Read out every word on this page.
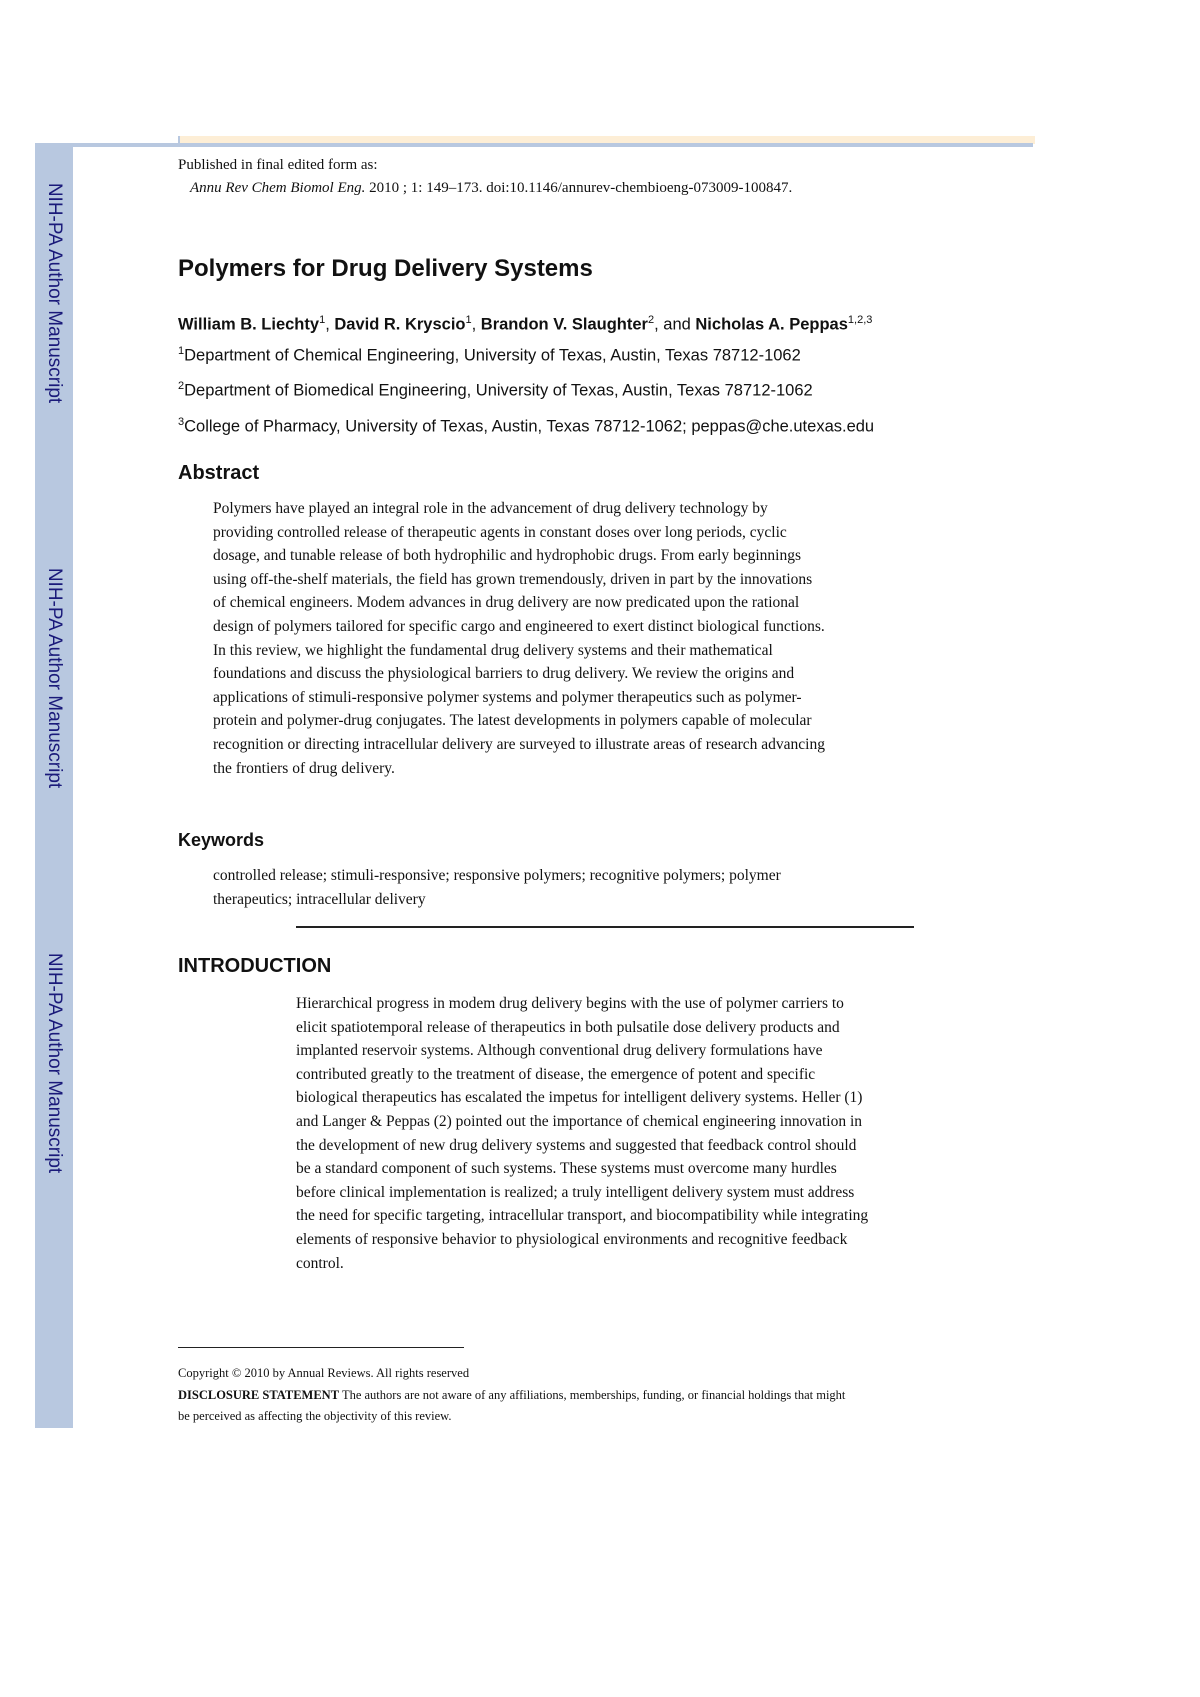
NIH-PA Author Manuscript
NIH-PA Author Manuscript
NIH-PA Author Manuscript
Published in final edited form as:
Annu Rev Chem Biomol Eng. 2010 ; 1: 149–173. doi:10.1146/annurev-chembioeng-073009-100847.
Polymers for Drug Delivery Systems
William B. Liechty$^1$, David R. Kryscio$^1$, Brandon V. Slaughter$^2$, and Nicholas A. Peppas$^{1,2,3}$
$^1$Department of Chemical Engineering, University of Texas, Austin, Texas 78712-1062
$^2$Department of Biomedical Engineering, University of Texas, Austin, Texas 78712-1062
$^3$College of Pharmacy, University of Texas, Austin, Texas 78712-1062; peppas@che.utexas.edu
Abstract
Polymers have played an integral role in the advancement of drug delivery technology by
providing controlled release of therapeutic agents in constant doses over long periods, cyclic
dosage, and tunable release of both hydrophilic and hydrophobic drugs. From early beginnings
using off-the-shelf materials, the field has grown tremendously, driven in part by the innovations
of chemical engineers. Modem advances in drug delivery are now predicated upon the rational
design of polymers tailored for specific cargo and engineered to exert distinct biological functions.
In this review, we highlight the fundamental drug delivery systems and their mathematical
foundations and discuss the physiological barriers to drug delivery. We review the origins and
applications of stimuli-responsive polymer systems and polymer therapeutics such as polymer-
protein and polymer-drug conjugates. The latest developments in polymers capable of molecular
recognition or directing intracellular delivery are surveyed to illustrate areas of research advancing
the frontiers of drug delivery.
Keywords
controlled release; stimuli-responsive; responsive polymers; recognitive polymers; polymer
therapeutics; intracellular delivery
INTRODUCTION
Hierarchical progress in modem drug delivery begins with the use of polymer carriers to
elicit spatiotemporal release of therapeutics in both pulsatile dose delivery products and
implanted reservoir systems. Although conventional drug delivery formulations have
contributed greatly to the treatment of disease, the emergence of potent and specific
biological therapeutics has escalated the impetus for intelligent delivery systems. Heller (1)
and Langer & Peppas (2) pointed out the importance of chemical engineering innovation in
the development of new drug delivery systems and suggested that feedback control should
be a standard component of such systems. These systems must overcome many hurdles
before clinical implementation is realized; a truly intelligent delivery system must address
the need for specific targeting, intracellular transport, and biocompatibility while integrating
elements of responsive behavior to physiological environments and recognitive feedback
control.
Copyright © 2010 by Annual Reviews. All rights reserved
DISCLOSURE STATEMENT The authors are not aware of any affiliations, memberships, funding, or financial holdings that might
be perceived as affecting the objectivity of this review.
